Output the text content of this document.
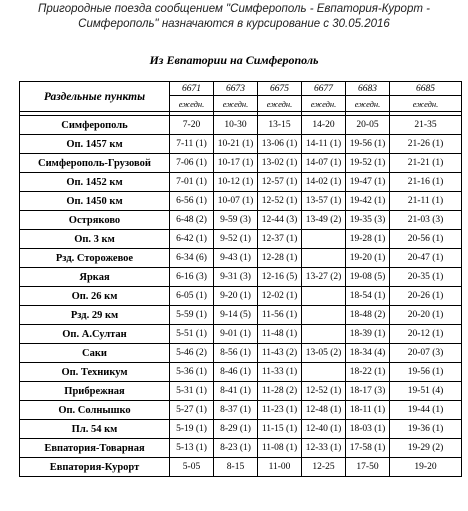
Пригородные поезда сообщением "Симферополь - Евпатория-Курорт -
Симферополь" назначаются в курсирование с 30.05.2016
Из Евпатории на Симферополь
Раздельные пункты	6671	6673	6675	6677	6683	6685
	ежедн.	ежедн.	ежедн.	ежедн.	ежедн.	ежедн.

Симферополь	7-20	10-30	13-15	14-20	20-05	21-35
Оп. 1457 км	7-11 (1)	10-21 (1)	13-06 (1)	14-11 (1)	19-56 (1)	21-26 (1)
Симферополь-Грузовой	7-06 (1)	10-17 (1)	13-02 (1)	14-07 (1)	19-52 (1)	21-21 (1)
Оп. 1452 км	7-01 (1)	10-12 (1)	12-57 (1)	14-02 (1)	19-47 (1)	21-16 (1)
Оп. 1450 км	6-56 (1)	10-07 (1)	12-52 (1)	13-57 (1)	19-42 (1)	21-11 (1)
Остряково	6-48 (2)	9-59 (3)	12-44 (3)	13-49 (2)	19-35 (3)	21-03 (3)
Оп. 3 км	6-42 (1)	9-52 (1)	12-37 (1)		19-28 (1)	20-56 (1)
Рзд. Сторожевое	6-34 (6)	9-43 (1)	12-28 (1)		19-20 (1)	20-47 (1)
Яркая	6-16 (3)	9-31 (3)	12-16 (5)	13-27 (2)	19-08 (5)	20-35 (1)
Оп. 26 км	6-05 (1)	9-20 (1)	12-02 (1)		18-54 (1)	20-26 (1)
Рзд. 29 км	5-59 (1)	9-14 (5)	11-56 (1)		18-48 (2)	20-20 (1)
Оп. А.Султан	5-51 (1)	9-01 (1)	11-48 (1)		18-39 (1)	20-12 (1)
Саки	5-46 (2)	8-56 (1)	11-43 (2)	13-05 (2)	18-34 (4)	20-07 (3)
Оп. Техникум	5-36 (1)	8-46 (1)	11-33 (1)		18-22 (1)	19-56 (1)
Прибрежная	5-31 (1)	8-41 (1)	11-28 (2)	12-52 (1)	18-17 (3)	19-51 (4)
Оп. Солнышко	5-27 (1)	8-37 (1)	11-23 (1)	12-48 (1)	18-11 (1)	19-44 (1)
Пл. 54 км	5-19 (1)	8-29 (1)	11-15 (1)	12-40 (1)	18-03 (1)	19-36 (1)
Евпатория-Товарная	5-13 (1)	8-23 (1)	11-08 (1)	12-33 (1)	17-58 (1)	19-29 (2)
Евпатория-Курорт	5-05	8-15	11-00	12-25	17-50	19-20
